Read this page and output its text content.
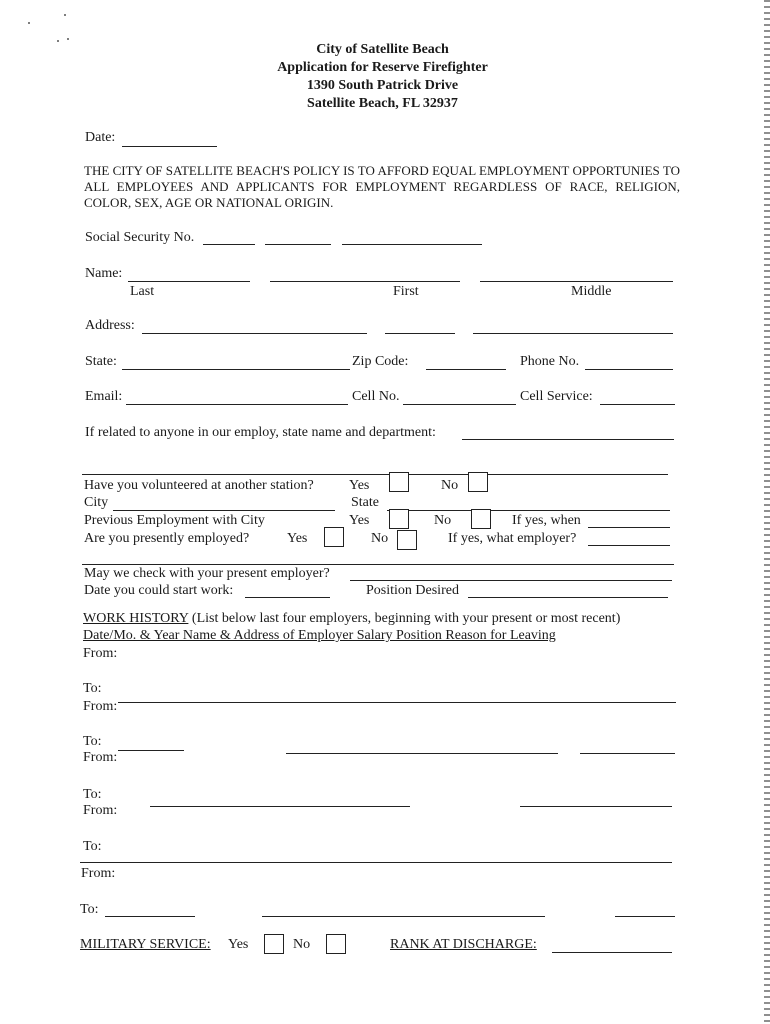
City of Satellite Beach
Application for Reserve Firefighter
1390 South Patrick Drive
Satellite Beach, FL 32937
Date:
THE CITY OF SATELLITE BEACH'S POLICY IS TO AFFORD EQUAL EMPLOYMENT OPPORTUNIES TO ALL EMPLOYEES AND APPLICANTS FOR EMPLOYMENT REGARDLESS OF RACE, RELIGION, COLOR, SEX, AGE OR NATIONAL ORIGIN.
Social Security No.
Name:
Last	First	Middle
Address:
State:	Zip Code:	Phone No.
Email:	Cell No.	Cell Service:
If related to anyone in our employ, state name and department:
Have you volunteered at another station?	Yes	No
City	State
Previous Employment with City	Yes	No	If yes, when
Are you presently employed?	Yes	No	If yes, what employer?
May we check with your present employer?
Date you could start work:	Position Desired
WORK HISTORY (List below last four employers, beginning with your present or most recent)
Date/Mo. & Year Name & Address of Employer Salary Position Reason for Leaving
From:
To:
From:
To:
From:
To:
From:
To:
From:
To:
MILITARY SERVICE: Yes	No	RANK AT DISCHARGE:
